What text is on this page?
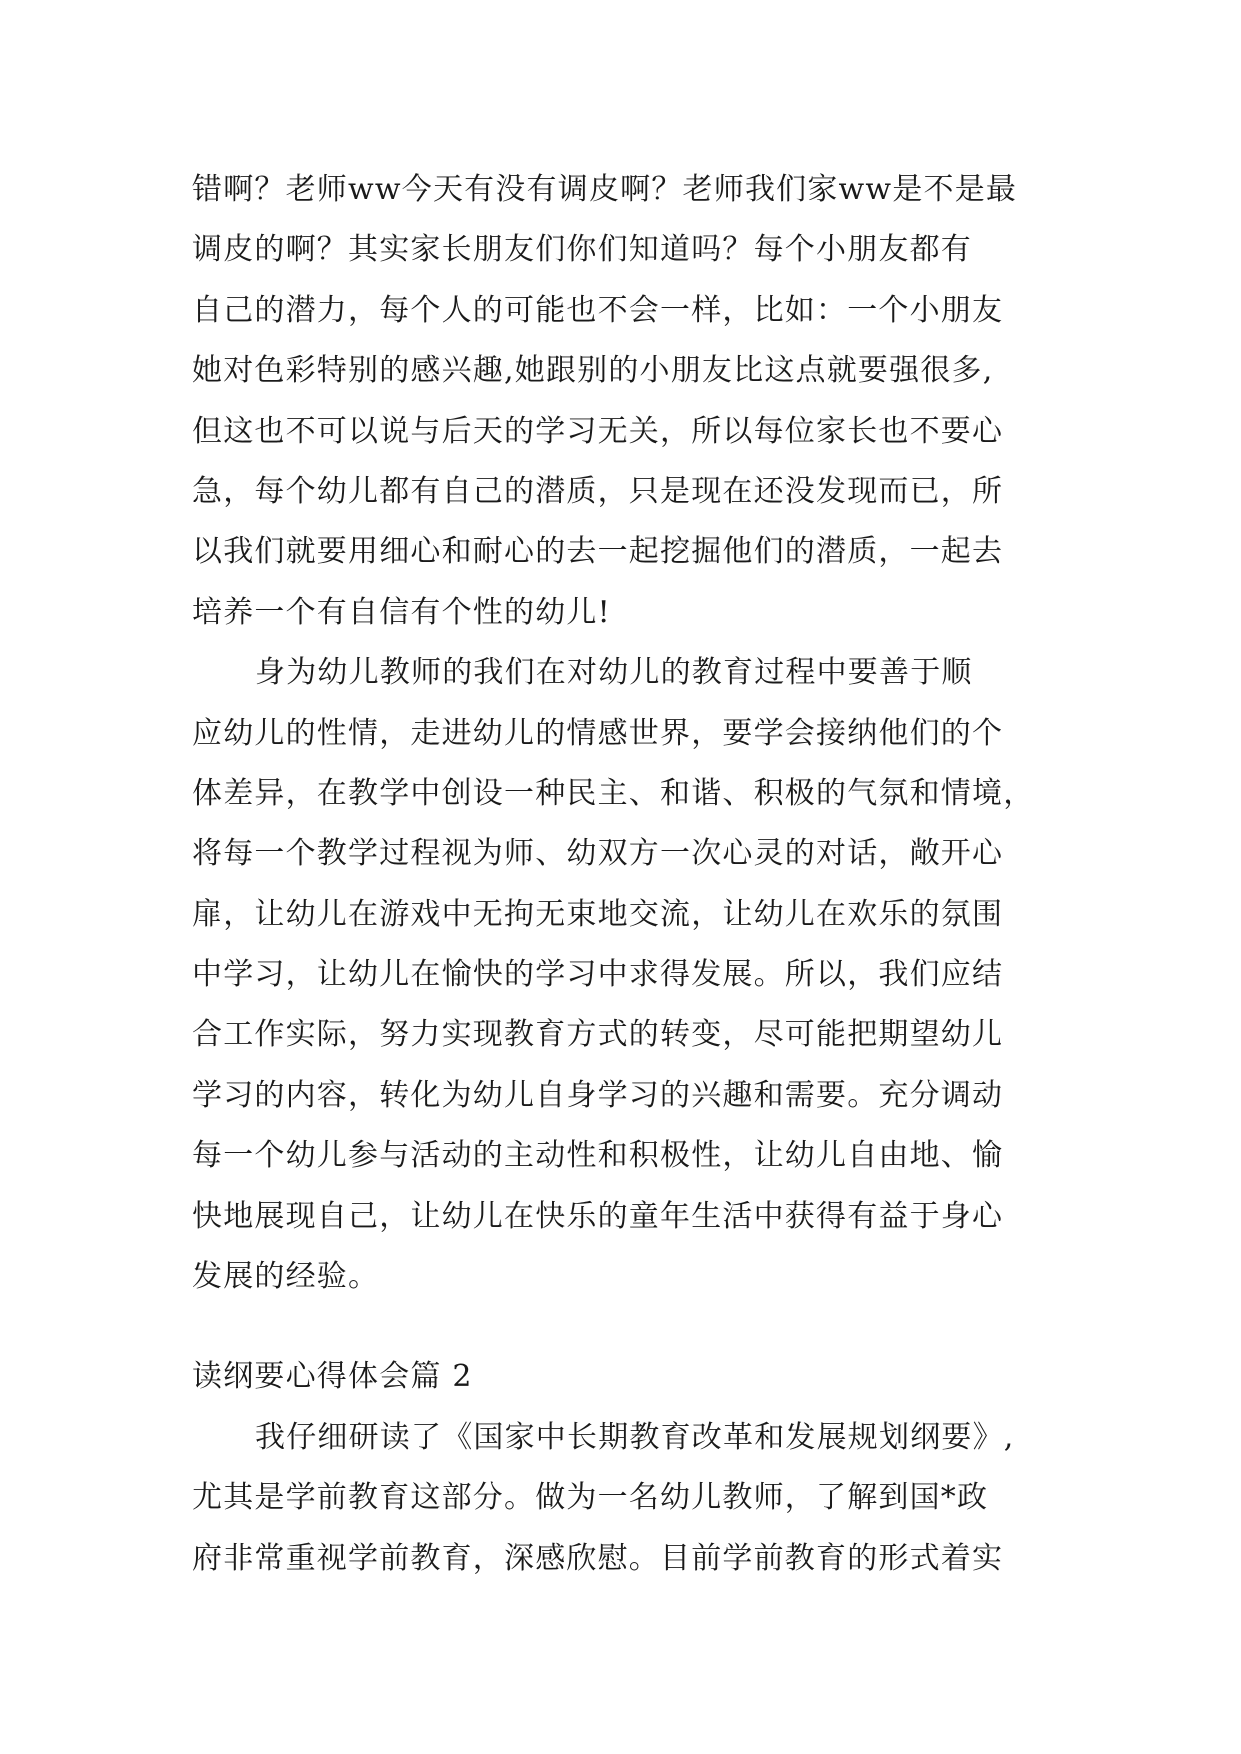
错啊？老师ww今天有没有调皮啊？老师我们家ww是不是最
调皮的啊？其实家长朋友们你们知道吗？每个小朋友都有
自己的潜力，每个人的可能也不会一样，比如：一个小朋友
她对色彩特别的感兴趣,她跟别的小朋友比这点就要强很多,
但这也不可以说与后天的学习无关，所以每位家长也不要心
急，每个幼儿都有自己的潜质，只是现在还没发现而已，所
以我们就要用细心和耐心的去一起挖掘他们的潜质，一起去
培养一个有自信有个性的幼儿!
身为幼儿教师的我们在对幼儿的教育过程中要善于顺
应幼儿的性情，走进幼儿的情感世界，要学会接纳他们的个
体差异，在教学中创设一种民主、和谐、积极的气氛和情境，
将每一个教学过程视为师、幼双方一次心灵的对话，敞开心
扉，让幼儿在游戏中无拘无束地交流，让幼儿在欢乐的氛围
中学习，让幼儿在愉快的学习中求得发展。所以，我们应结
合工作实际，努力实现教育方式的转变，尽可能把期望幼儿
学习的内容，转化为幼儿自身学习的兴趣和需要。充分调动
每一个幼儿参与活动的主动性和积极性，让幼儿自由地、愉
快地展现自己，让幼儿在快乐的童年生活中获得有益于身心
发展的经验。
读纲要心得体会篇 2
我仔细研读了《国家中长期教育改革和发展规划纲要》,
尤其是学前教育这部分。做为一名幼儿教师，了解到国*政
府非常重视学前教育，深感欣慰。目前学前教育的形式着实
